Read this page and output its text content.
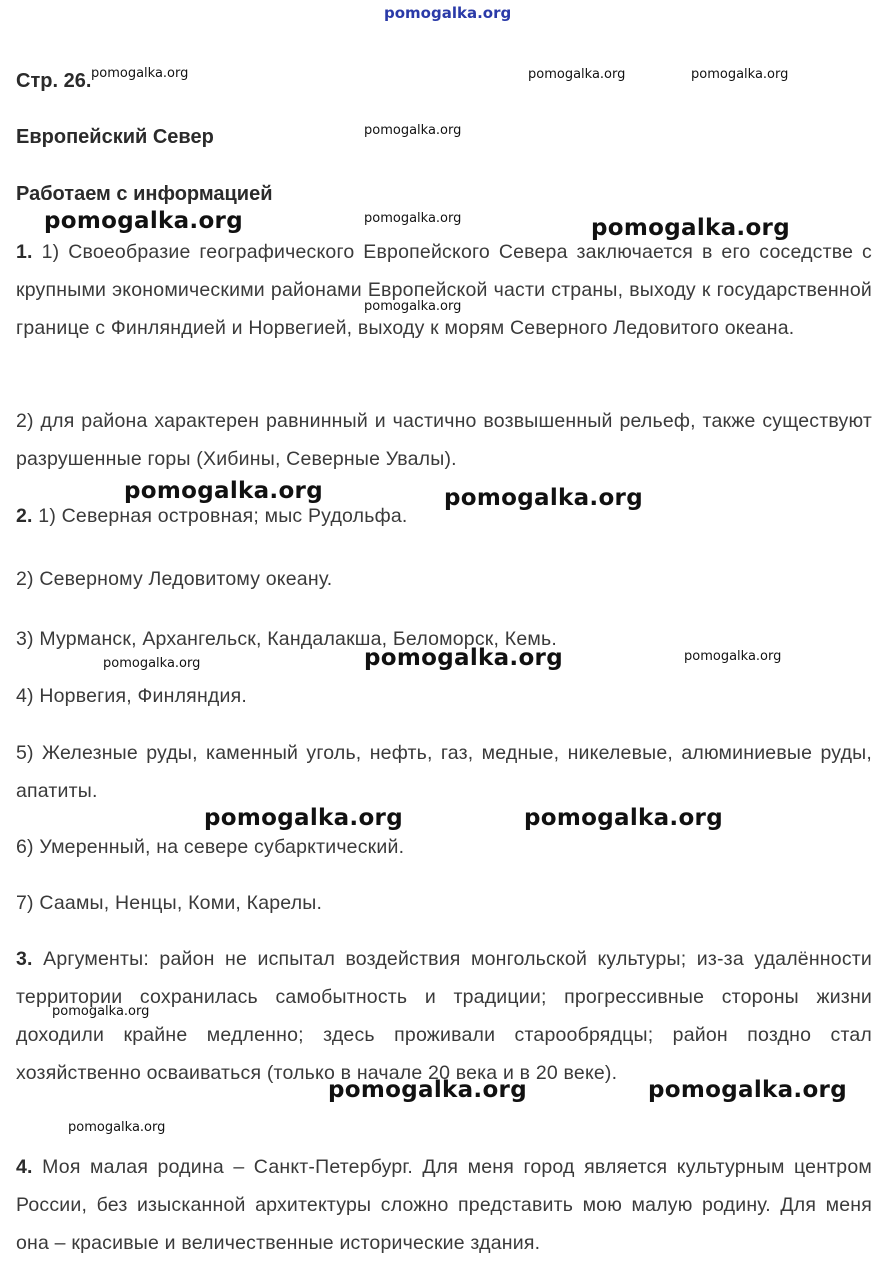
pomogalka.org
Стр. 26.
Европейский Север
Работаем с информацией
1. 1) Своеобразие географического Европейского Севера заключается в его соседстве с крупными экономическими районами Европейской части страны, выходу к государственной границе с Финляндией и Норвегией, выходу к морям Северного Ледовитого океана.
2) для района характерен равнинный и частично возвышенный рельеф, также существуют разрушенные горы (Хибины, Северные Увалы).
2. 1) Северная островная; мыс Рудольфа.
2) Северному Ледовитому океану.
3) Мурманск, Архангельск, Кандалакша, Беломорск, Кемь.
4) Норвегия, Финляндия.
5) Железные руды, каменный уголь, нефть, газ, медные, никелевые, алюминиевые руды, апатиты.
6) Умеренный, на севере субарктический.
7) Саамы, Ненцы, Коми, Карелы.
3. Аргументы: район не испытал воздействия монгольской культуры; из-за удалённости территории сохранилась самобытность и традиции; прогрессивные стороны жизни доходили крайне медленно; здесь проживали старообрядцы; район поздно стал хозяйственно осваиваться (только в начале 20 века и в 20 веке).
4. Моя малая родина – Санкт-Петербург. Для меня город является культурным центром России, без изысканной архитектуры сложно представить мою малую родину. Для меня она – красивые и величественные исторические здания.
pomogalka.org	pomogalka.org	pomogalka.org
pomogalka.org
pomogalka.org
pomogalka.org	pomogalka.org
pomogalka.org
pomogalka.org	pomogalka.org
pomogalka.org	pomogalka.org	pomogalka.org
pomogalka.org	pomogalka.org
pomogalka.org
pomogalka.org	pomogalka.org
pomogalka.org
